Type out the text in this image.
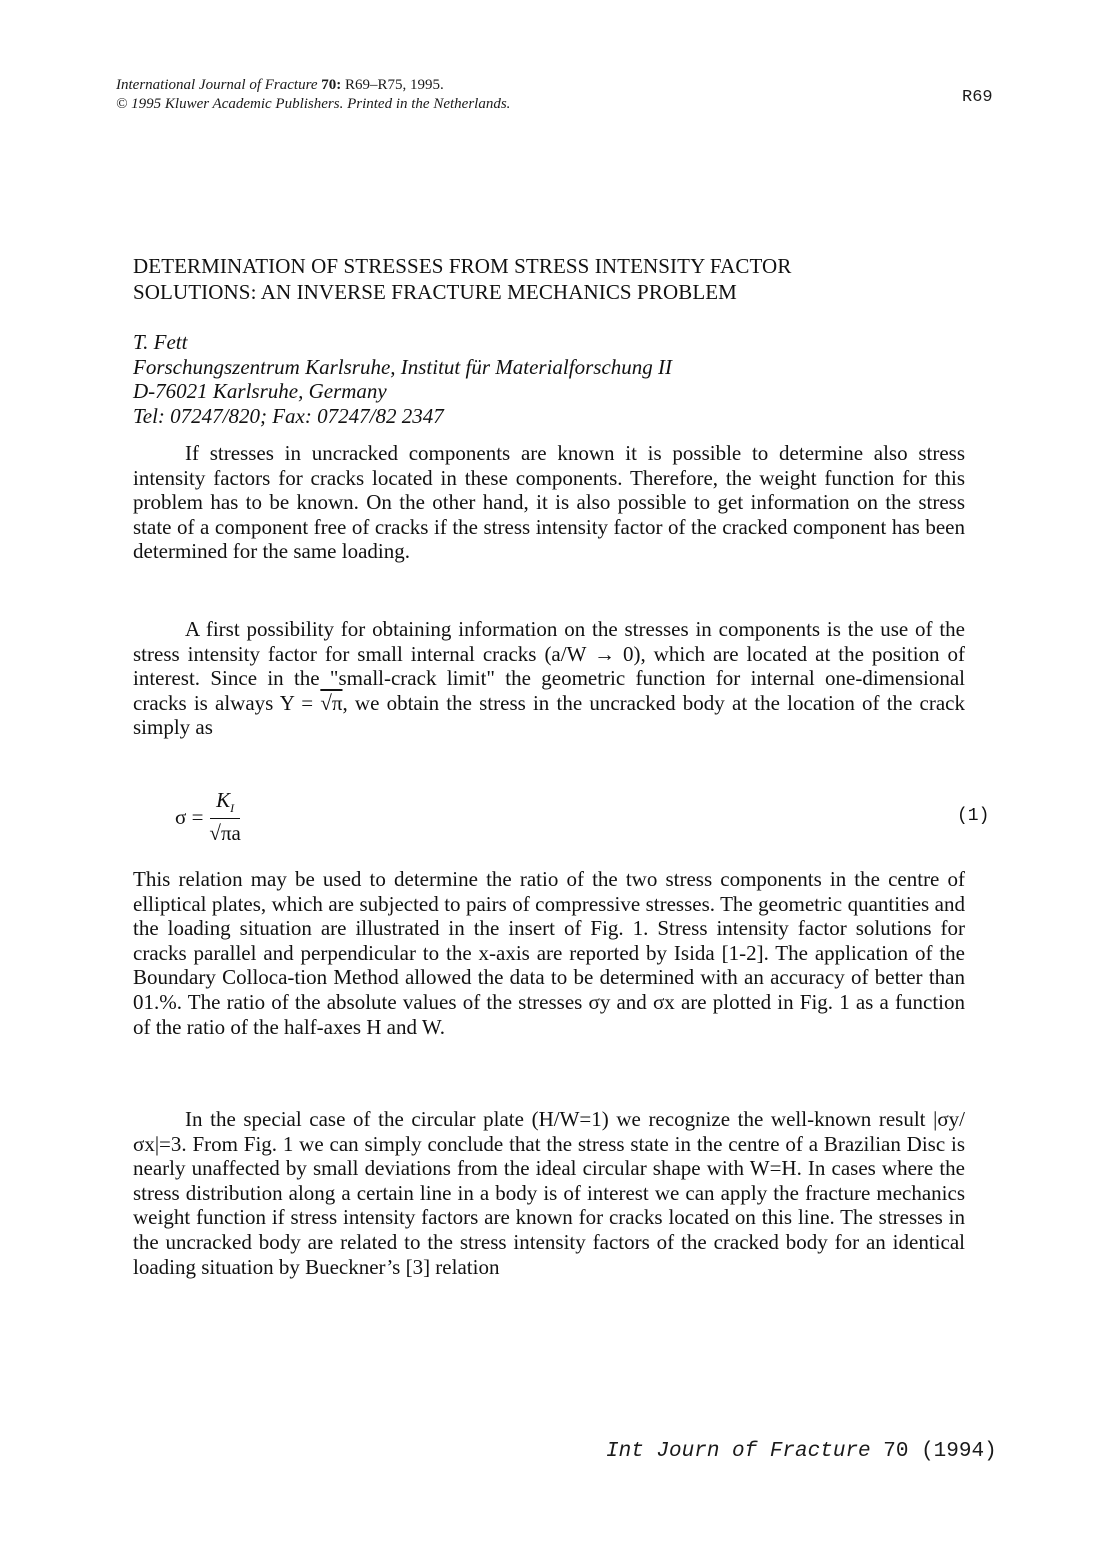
International Journal of Fracture 70: R69–R75, 1995.
© 1995 Kluwer Academic Publishers. Printed in the Netherlands.	R69
DETERMINATION OF STRESSES FROM STRESS INTENSITY FACTOR
SOLUTIONS: AN INVERSE FRACTURE MECHANICS PROBLEM
T. Fett
Forschungszentrum Karlsruhe, Institut für Materialforschung II
D-76021 Karlsruhe, Germany
Tel: 07247/820; Fax: 07247/82 2347

If stresses in uncracked components are known it is possible to determine also stress intensity factors for cracks located in these components. Therefore, the weight function for this problem has to be known. On the other hand, it is also possible to get information on the stress state of a component free of cracks if the stress intensity factor of the cracked component has been determined for the same loading.

A first possibility for obtaining information on the stresses in components is the use of the stress intensity factor for small internal cracks (a/W → 0), which are located at the position of interest. Since in the "small-crack limit" the geometric function for internal one-dimensional cracks is always Y = √π, we obtain the stress in the uncracked body at the location of the crack simply as

$\sigma = \frac{K_I}{√\pi a}$	(1)

This relation may be used to determine the ratio of the two stress components in the centre of elliptical plates, which are subjected to pairs of compressive stresses. The geometric quantities and the loading situation are illustrated in the insert of Fig. 1. Stress intensity factor solutions for cracks parallel and perpendicular to the x-axis are reported by Isida [1-2]. The application of the Boundary Colloca-tion Method allowed the data to be determined with an accuracy of better than 01.%. The ratio of the absolute values of the stresses σy and σx are plotted in Fig. 1 as a function of the ratio of the half-axes H and W.

In the special case of the circular plate (H/W=1) we recognize the well-known result |σy/σx|=3. From Fig. 1 we can simply conclude that the stress state in the centre of a Brazilian Disc is nearly unaffected by small deviations from the ideal circular shape with W=H. In cases where the stress distribution along a certain line in a body is of interest we can apply the fracture mechanics weight function if stress intensity factors are known for cracks located on this line. The stresses in the uncracked body are related to the stress intensity factors of the cracked body for an identical loading situation by Bueckner’s [3] relation

Int Journ of Fracture 70 (1994)
